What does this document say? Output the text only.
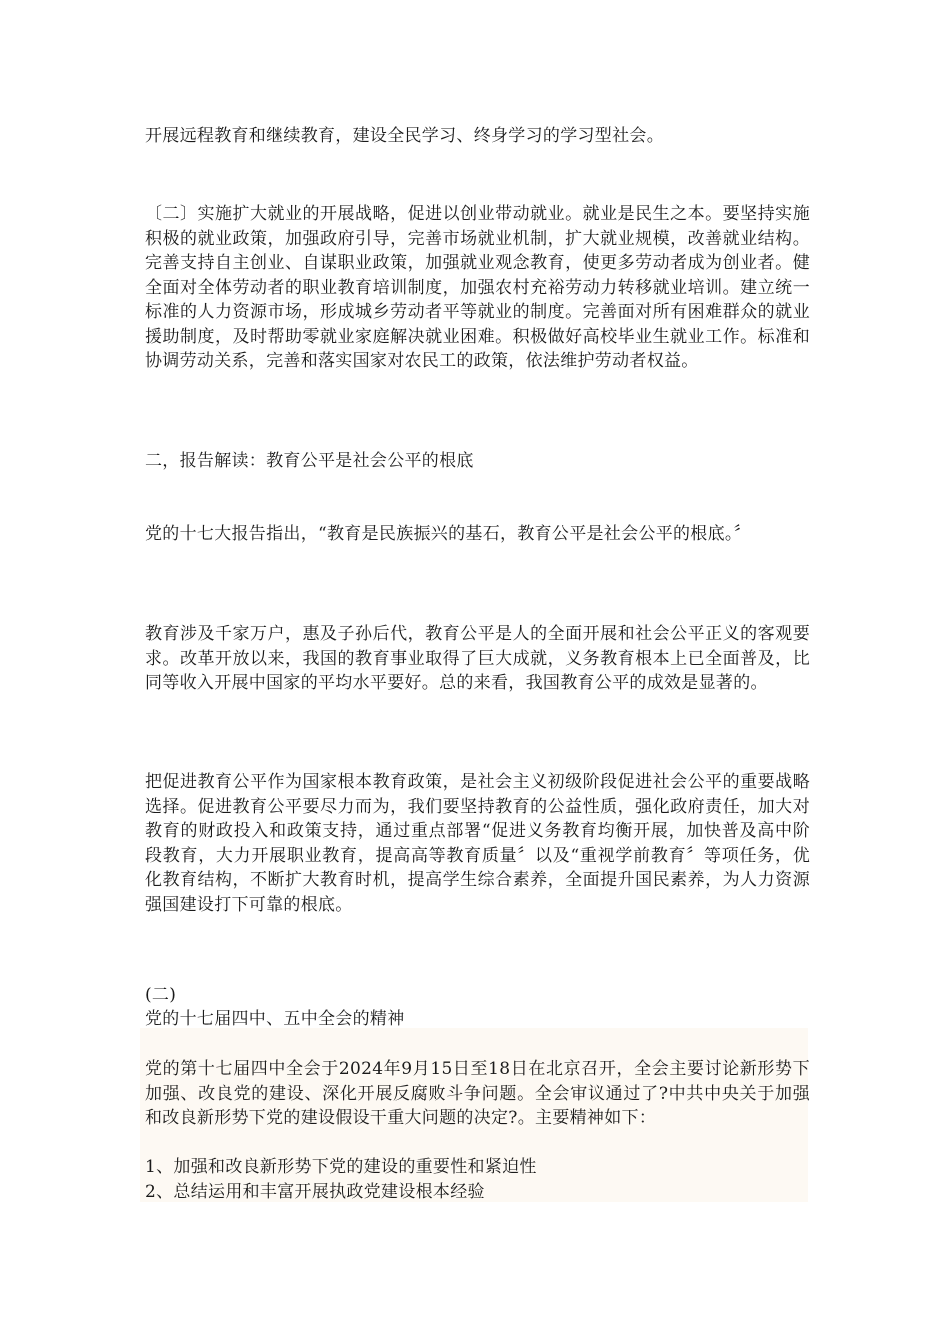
开展远程教育和继续教育，建设全民学习、终身学习的学习型社会。

〔二〕实施扩大就业的开展战略，促进以创业带动就业。就业是民生之本。要坚持实施积极的就业政策，加强政府引导，完善市场就业机制，扩大就业规模，改善就业结构。完善支持自主创业、自谋职业政策，加强就业观念教育，使更多劳动者成为创业者。健全面对全体劳动者的职业教育培训制度，加强农村充裕劳动力转移就业培训。建立统一标准的人力资源市场，形成城乡劳动者平等就业的制度。完善面对所有困难群众的就业援助制度，及时帮助零就业家庭解决就业困难。积极做好高校毕业生就业工作。标准和协调劳动关系，完善和落实国家对农民工的政策，依法维护劳动者权益。

二，报告解读：教育公平是社会公平的根底

党的十七大报告指出，“教育是民族振兴的基石，教育公平是社会公平的根底。〞

教育涉及千家万户，惠及子孙后代，教育公平是人的全面开展和社会公平正义的客观要求。改革开放以来，我国的教育事业取得了巨大成就，义务教育根本上已全面普及，比同等收入开展中国家的平均水平要好。总的来看，我国教育公平的成效是显著的。

把促进教育公平作为国家根本教育政策，是社会主义初级阶段促进社会公平的重要战略选择。促进教育公平要尽力而为，我们要坚持教育的公益性质，强化政府责任，加大对教育的财政投入和政策支持，通过重点部署“促进义务教育均衡开展，加快普及高中阶段教育，大力开展职业教育，提高高等教育质量〞以及“重视学前教育〞等项任务，优化教育结构，不断扩大教育时机，提高学生综合素养，全面提升国民素养，为人力资源强国建设打下可靠的根底。

(二)

党的十七届四中、五中全会的精神

党的第十七届四中全会于2024年9月15日至18日在北京召开，全会主要讨论新形势下加强、改良党的建设、深化开展反腐败斗争问题。全会审议通过了?中共中央关于加强和改良新形势下党的建设假设干重大问题的决定?。主要精神如下：

1、加强和改良新形势下党的建设的重要性和紧迫性

2、总结运用和丰富开展执政党建设根本经验
